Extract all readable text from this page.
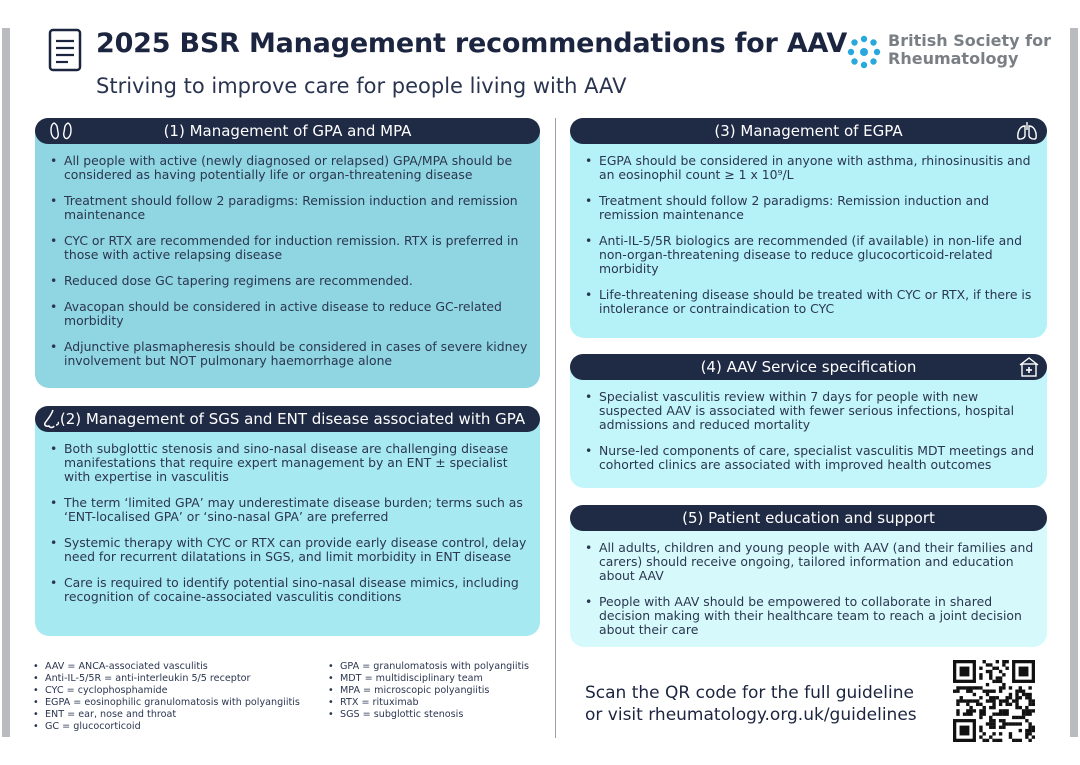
2025 BSR Management recommendations for AAV
Striving to improve care for people living with AAV
British Society for
Rheumatology
(1) Management of GPA and MPA
• All people with active (newly diagnosed or relapsed) GPA/MPA should be considered as having potentially life or organ-threatening disease
• Treatment should follow 2 paradigms: Remission induction and remission maintenance
• CYC or RTX are recommended for induction remission. RTX is preferred in those with active relapsing disease
• Reduced dose GC tapering regimens are recommended.
• Avacopan should be considered in active disease to reduce GC-related morbidity
• Adjunctive plasmapheresis should be considered in cases of severe kidney involvement but NOT pulmonary haemorrhage alone
(2) Management of SGS and ENT disease associated with GPA
• Both subglottic stenosis and sino-nasal disease are challenging disease manifestations that require expert management by an ENT ± specialist with expertise in vasculitis
• The term ‘limited GPA’ may underestimate disease burden; terms such as ‘ENT-localised GPA’ or ‘sino-nasal GPA’ are preferred
• Systemic therapy with CYC or RTX can provide early disease control, delay need for recurrent dilatations in SGS, and limit morbidity in ENT disease
• Care is required to identify potential sino-nasal disease mimics, including recognition of cocaine-associated vasculitis conditions
(3) Management of EGPA
• EGPA should be considered in anyone with asthma, rhinosinusitis and an eosinophil count ≥ 1 x 10⁹/L
• Treatment should follow 2 paradigms: Remission induction and remission maintenance
• Anti-IL-5/5R biologics are recommended (if available) in non-life and non-organ-threatening disease to reduce glucocorticoid-related morbidity
• Life-threatening disease should be treated with CYC or RTX, if there is intolerance or contraindication to CYC
(4) AAV Service specification
• Specialist vasculitis review within 7 days for people with new suspected AAV is associated with fewer serious infections, hospital admissions and reduced mortality
• Nurse-led components of care, specialist vasculitis MDT meetings and cohorted clinics are associated with improved health outcomes
(5) Patient education and support
• All adults, children and young people with AAV (and their families and carers) should receive ongoing, tailored information and education about AAV
• People with AAV should be empowered to collaborate in shared decision making with their healthcare team to reach a joint decision about their care
• AAV = ANCA-associated vasculitis
• Anti-IL-5/5R = anti-interleukin 5/5 receptor
• CYC = cyclophosphamide
• EGPA = eosinophilic granulomatosis with polyangiitis
• ENT = ear, nose and throat
• GC = glucocorticoid
• GPA = granulomatosis with polyangiitis
• MDT = multidisciplinary team
• MPA = microscopic polyangiitis
• RTX = rituximab
• SGS = subglottic stenosis
Scan the QR code for the full guideline
or visit rheumatology.org.uk/guidelines
